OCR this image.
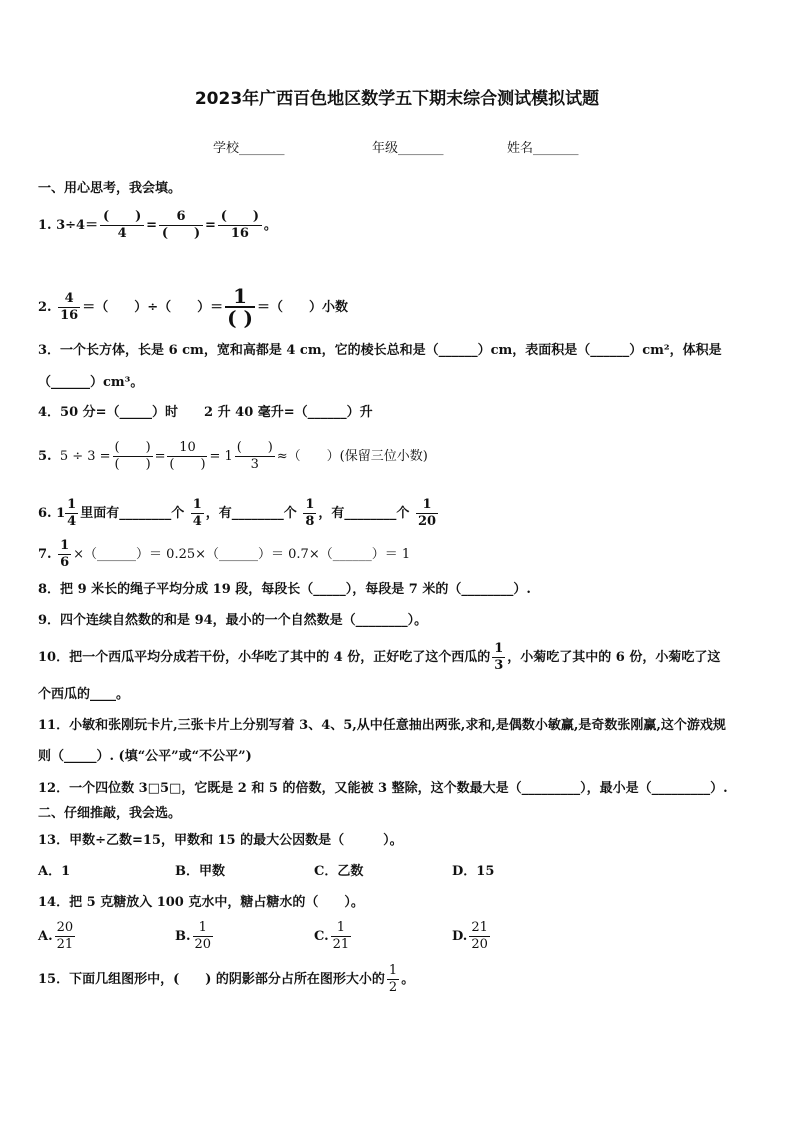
2023年广西百色地区数学五下期末综合测试模拟试题
学校_______	年级_______	姓名_______
一、用心思考，我会填。
1.
$3\div 4= \frac{( )}{4} = \frac{6}{( )} = \frac{( )}{16}$ 。
2.
$\frac{4}{16}$ ＝（　　）÷（　　） ＝ $\frac{1}{( )}$ ＝（　　）小数
3．一个长方体，长是 6 cm，宽和高都是 4 cm，它的棱长总和是（______）cm，表面积是（______）cm²，体积是
（______）cm³。
4．50 分=（_____）时　　2 升 40 毫升=（______）升
5.
$5 \div 3 = \frac{( )}{( )} = \frac{10}{( )} = 1 \frac{( )}{3}$ ≈（　　）(保留三位小数)
6.
$1 \frac{1}{4}$ 里面有________个
$\frac{1}{4}$ ，有________个
$\frac{1}{8}$ ，有________个
$\frac{1}{20}$
7.
$\frac{1}{6}$ ×（______）＝ 0.25×（______）＝ 0.7×（______）＝ 1
8．把 9 米长的绳子平均分成 19 段，每段长（_____），每段是 7 米的（________）.
9．四个连续自然数的和是 94，最小的一个自然数是（________）。
10．把一个西瓜平均分成若干份，小华吃了其中的 4 份，正好吃了这个西瓜的 $\frac{1}{3}$ ，小菊吃了其中的 6 份，小菊吃了这
个西瓜的____。
11．小敏和张刚玩卡片,三张卡片上分别写着 3、4、5,从中任意抽出两张,求和,是偶数小敏赢,是奇数张刚赢,这个游戏规
则（_____）. (填“公平”或“不公平”)
12．一个四位数 3□5□，它既是 2 和 5 的倍数，又能被 3 整除，这个数最大是（_________），最小是（_________）.
二、仔细推敲，我会选。
13．甲数÷乙数=15，甲数和 15 的最大公因数是（　　　）。
A．1	B．甲数	C．乙数	D．15
14．把 5 克糖放入 100 克水中，糖占糖水的（　　）。
A. $\frac{20}{21}$	B. $\frac{1}{20}$	C. $\frac{1}{21}$	D. $\frac{21}{20}$
15．下面几组图形中，(　　) 的阴影部分占所在图形大小的 $\frac{1}{2}$ 。
